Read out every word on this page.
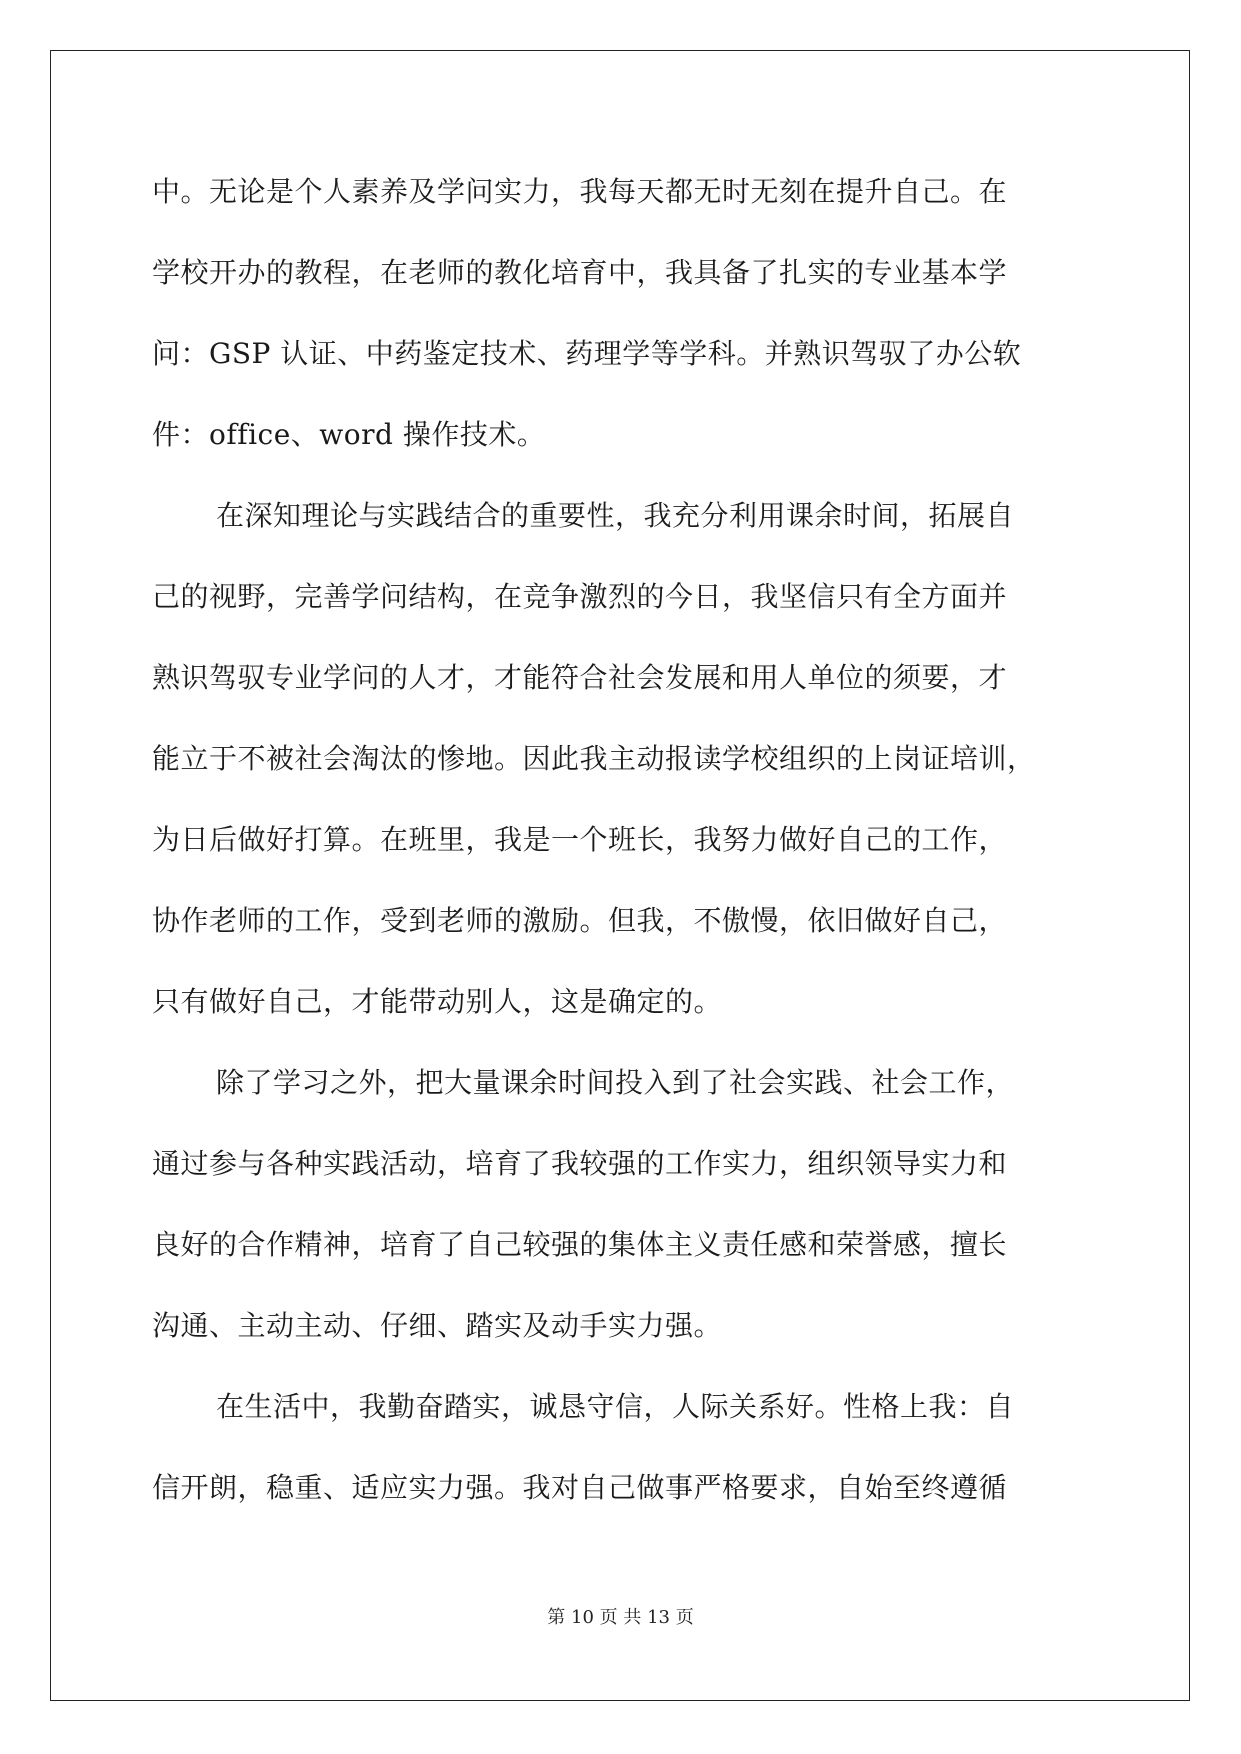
中。无论是个人素养及学问实力，我每天都无时无刻在提升自己。在
学校开办的教程，在老师的教化培育中，我具备了扎实的专业基本学
问：GSP 认证、中药鉴定技术、药理学等学科。并熟识驾驭了办公软
件：office、word 操作技术。
在深知理论与实践结合的重要性，我充分利用课余时间，拓展自
己的视野，完善学问结构，在竞争激烈的今日，我坚信只有全方面并
熟识驾驭专业学问的人才，才能符合社会发展和用人单位的须要，才
能立于不被社会淘汰的惨地。因此我主动报读学校组织的上岗证培训，
为日后做好打算。在班里，我是一个班长，我努力做好自己的工作，
协作老师的工作，受到老师的激励。但我，不傲慢，依旧做好自己，
只有做好自己，才能带动别人，这是确定的。
除了学习之外，把大量课余时间投入到了社会实践、社会工作，
通过参与各种实践活动，培育了我较强的工作实力，组织领导实力和
良好的合作精神，培育了自己较强的集体主义责任感和荣誉感，擅长
沟通、主动主动、仔细、踏实及动手实力强。
在生活中，我勤奋踏实，诚恳守信，人际关系好。性格上我：自
信开朗，稳重、适应实力强。我对自己做事严格要求，自始至终遵循
第 10 页 共 13 页
